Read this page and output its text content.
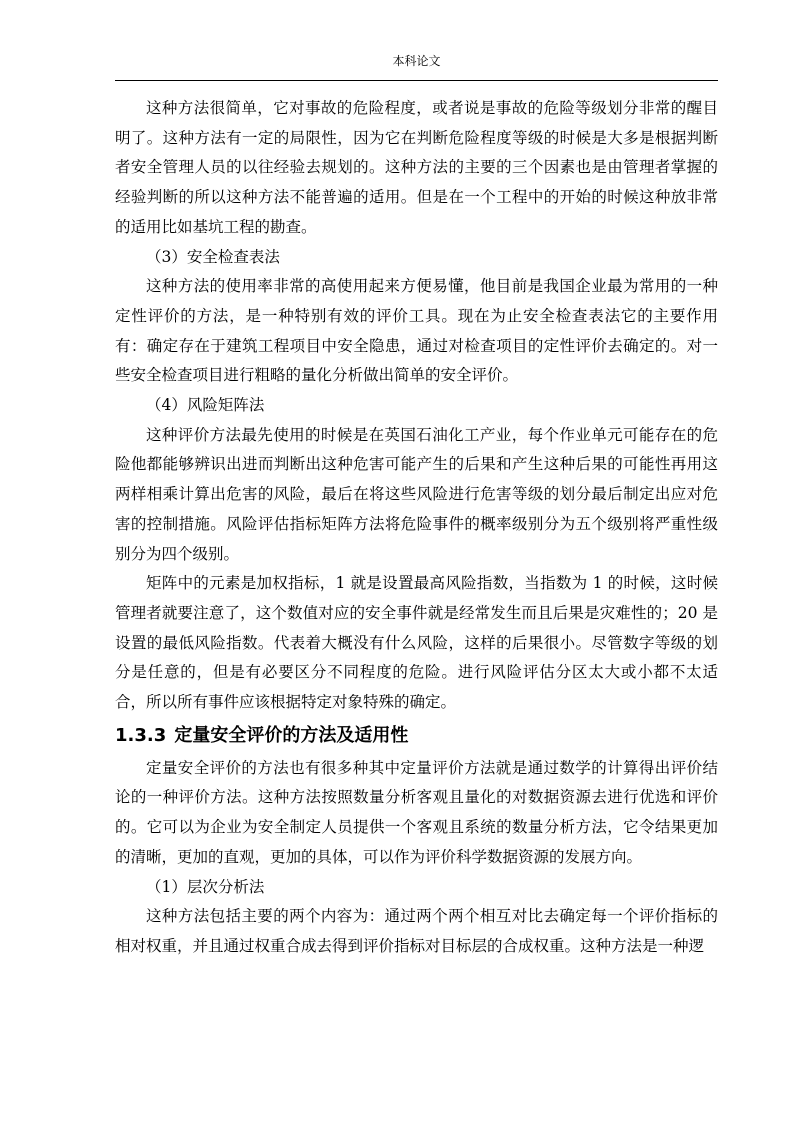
本科论文

这种方法很简单，它对事故的危险程度，或者说是事故的危险等级划分非常的醒目明了。这种方法有一定的局限性，因为它在判断危险程度等级的时候是大多是根据判断者安全管理人员的以往经验去规划的。这种方法的主要的三个因素也是由管理者掌握的经验判断的所以这种方法不能普遍的适用。但是在一个工程中的开始的时候这种放非常的适用比如基坑工程的勘查。

（3）安全检查表法

这种方法的使用率非常的高使用起来方便易懂，他目前是我国企业最为常用的一种定性评价的方法，是一种特别有效的评价工具。现在为止安全检查表法它的主要作用有：确定存在于建筑工程项目中安全隐患，通过对检查项目的定性评价去确定的。对一些安全检查项目进行粗略的量化分析做出简单的安全评价。

（4）风险矩阵法

这种评价方法最先使用的时候是在英国石油化工产业，每个作业单元可能存在的危险他都能够辨识出进而判断出这种危害可能产生的后果和产生这种后果的可能性再用这两样相乘计算出危害的风险，最后在将这些风险进行危害等级的划分最后制定出应对危害的控制措施。风险评估指标矩阵方法将危险事件的概率级别分为五个级别将严重性级别分为四个级别。

矩阵中的元素是加权指标，1 就是设置最高风险指数，当指数为 1 的时候，这时候管理者就要注意了，这个数值对应的安全事件就是经常发生而且后果是灾难性的；20 是设置的最低风险指数。代表着大概没有什么风险，这样的后果很小。尽管数字等级的划分是任意的，但是有必要区分不同程度的危险。进行风险评估分区太大或小都不太适合，所以所有事件应该根据特定对象特殊的确定。

1.3.3 定量安全评价的方法及适用性

定量安全评价的方法也有很多种其中定量评价方法就是通过数学的计算得出评价结论的一种评价方法。这种方法按照数量分析客观且量化的对数据资源去进行优选和评价的。它可以为企业为安全制定人员提供一个客观且系统的数量分析方法，它令结果更加的清晰，更加的直观，更加的具体，可以作为评价科学数据资源的发展方向。

（1）层次分析法

这种方法包括主要的两个内容为：通过两个两个相互对比去确定每一个评价指标的相对权重，并且通过权重合成去得到评价指标对目标层的合成权重。这种方法是一种逻
